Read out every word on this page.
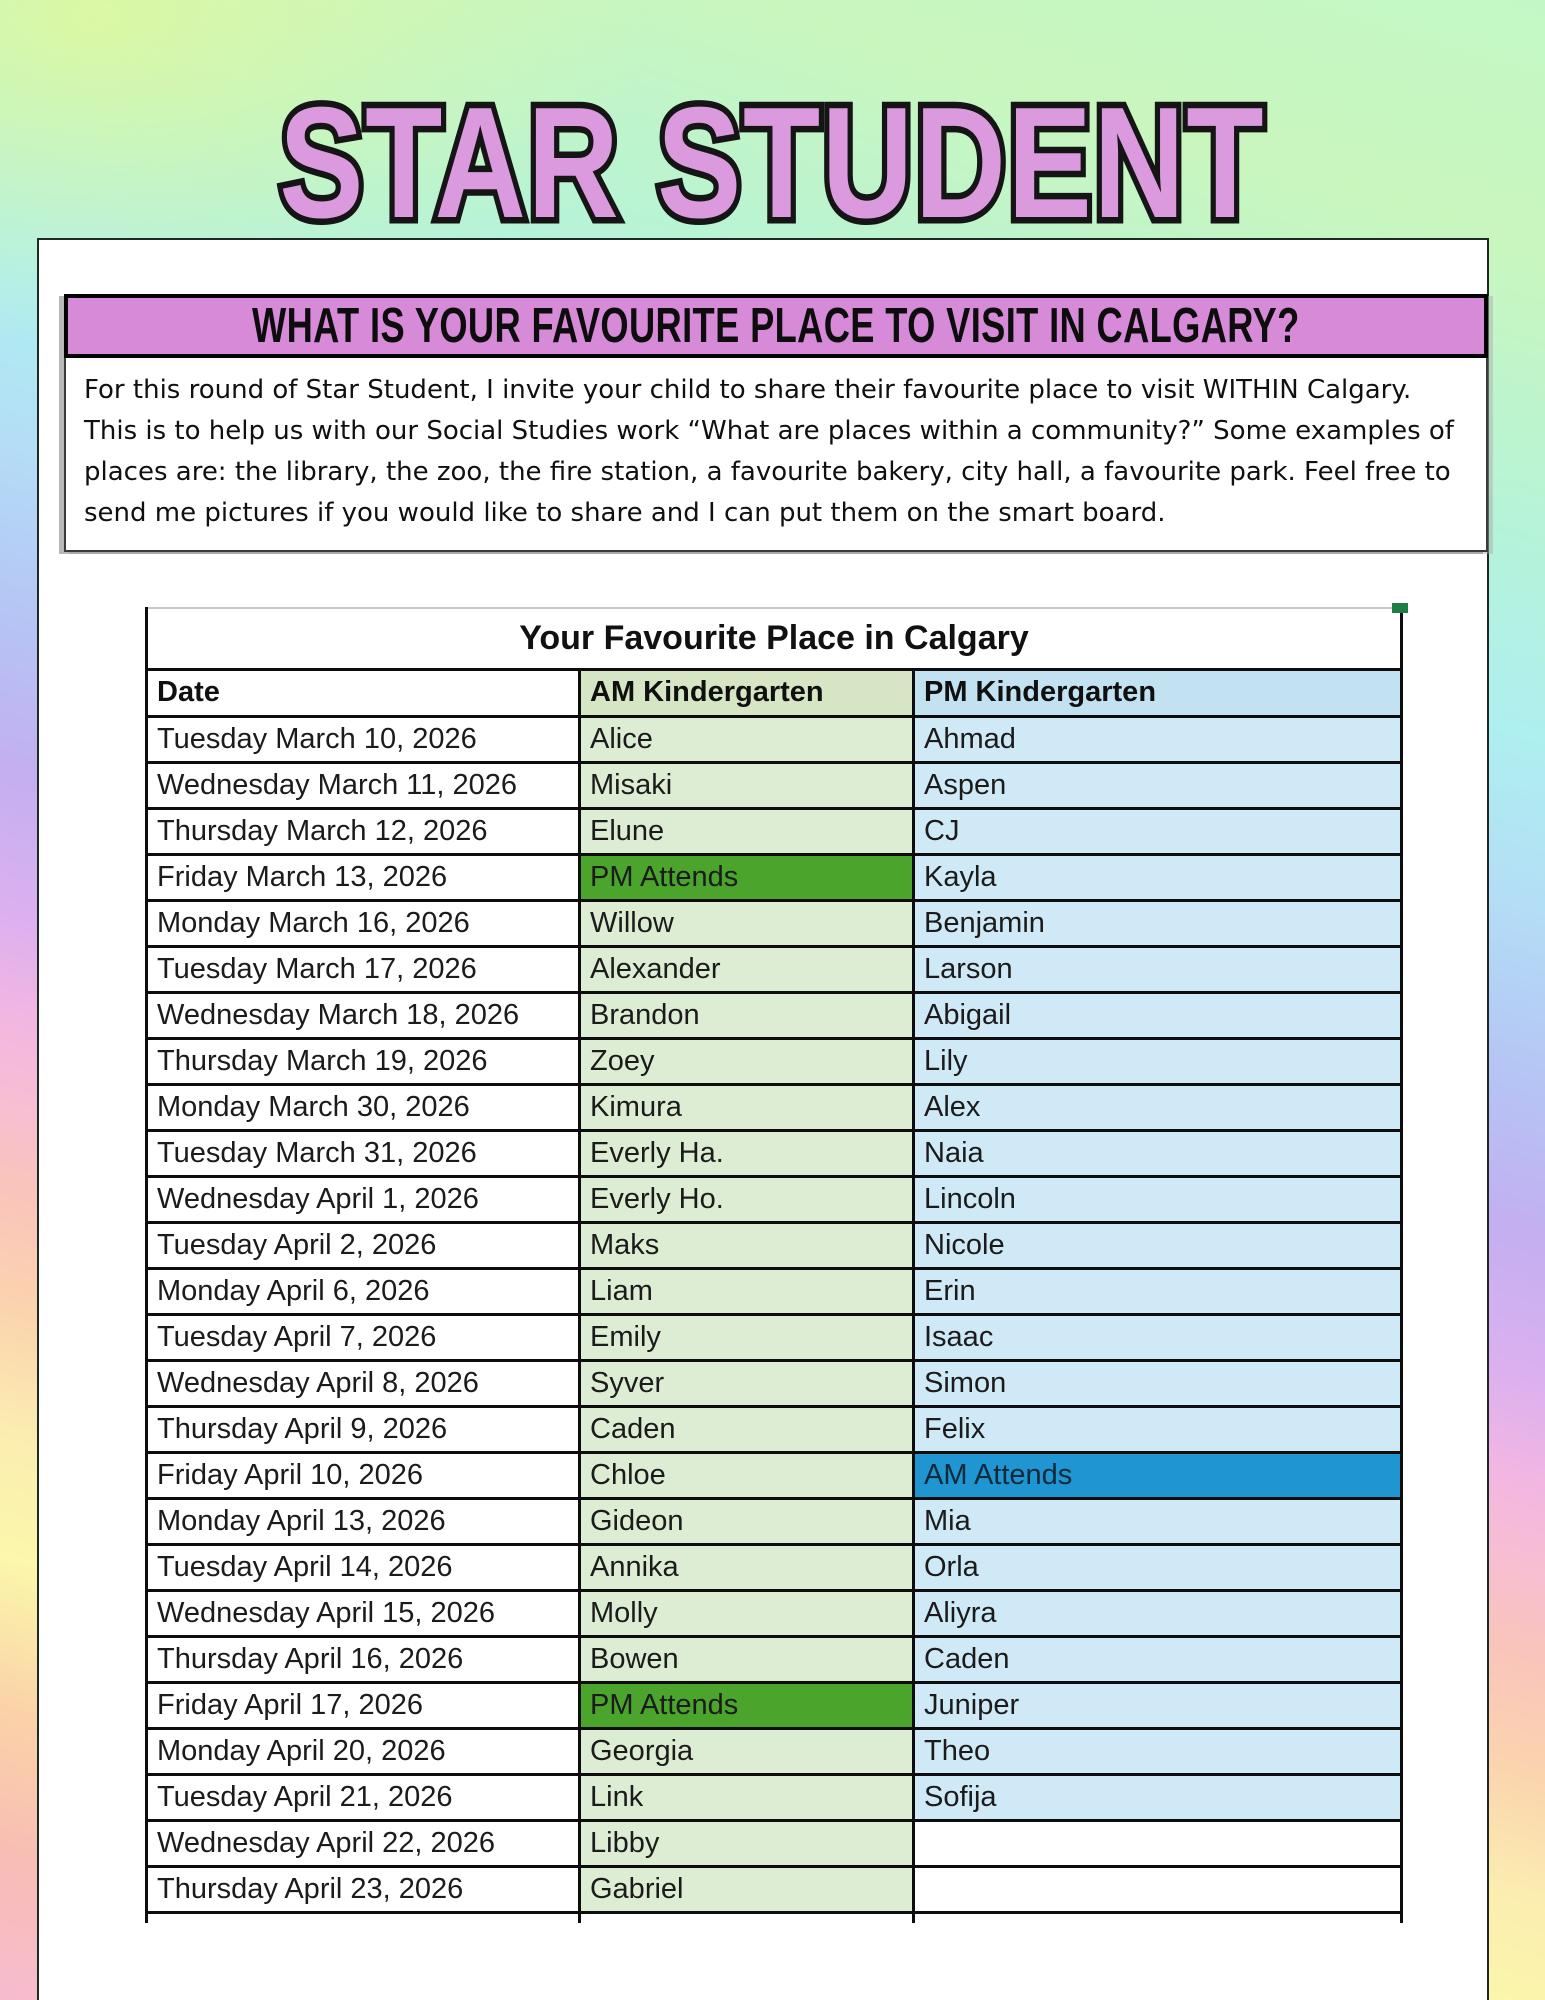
STAR STUDENT STAR STUDENT
WHAT IS YOUR FAVOURITE PLACE TO VISIT IN CALGARY?
For this round of Star Student, I invite your child to share their favourite place to visit WITHIN Calgary. This is to help us with our Social Studies work “What are places within a community?” Some examples of places are: the library, the zoo, the fire station, a favourite bakery, city hall, a favourite park. Feel free to send me pictures if you would like to share and I can put them on the smart board.
Your Favourite Place in Calgary		
Date	AM Kindergarten	PM Kindergarten
Tuesday March 10, 2026	Alice	Ahmad
Wednesday March 11, 2026	Misaki	Aspen
Thursday March 12, 2026	Elune	CJ
Friday March 13, 2026	PM Attends	Kayla
Monday March 16, 2026	Willow	Benjamin
Tuesday March 17, 2026	Alexander	Larson
Wednesday March 18, 2026	Brandon	Abigail
Thursday March 19, 2026	Zoey	Lily
Monday March 30, 2026	Kimura	Alex
Tuesday March 31, 2026	Everly Ha.	Naia
Wednesday April 1, 2026	Everly Ho.	Lincoln
Tuesday April 2, 2026	Maks	Nicole
Monday April 6, 2026	Liam	Erin
Tuesday April 7, 2026	Emily	Isaac
Wednesday April 8, 2026	Syver	Simon
Thursday April 9, 2026	Caden	Felix
Friday April 10, 2026	Chloe	AM Attends
Monday April 13, 2026	Gideon	Mia
Tuesday April 14, 2026	Annika	Orla
Wednesday April 15, 2026	Molly	Aliyra
Thursday April 16, 2026	Bowen	Caden
Friday April 17, 2026	PM Attends	Juniper
Monday April 20, 2026	Georgia	Theo
Tuesday April 21, 2026	Link	Sofija
Wednesday April 22, 2026	Libby	
Thursday April 23, 2026	Gabriel	
